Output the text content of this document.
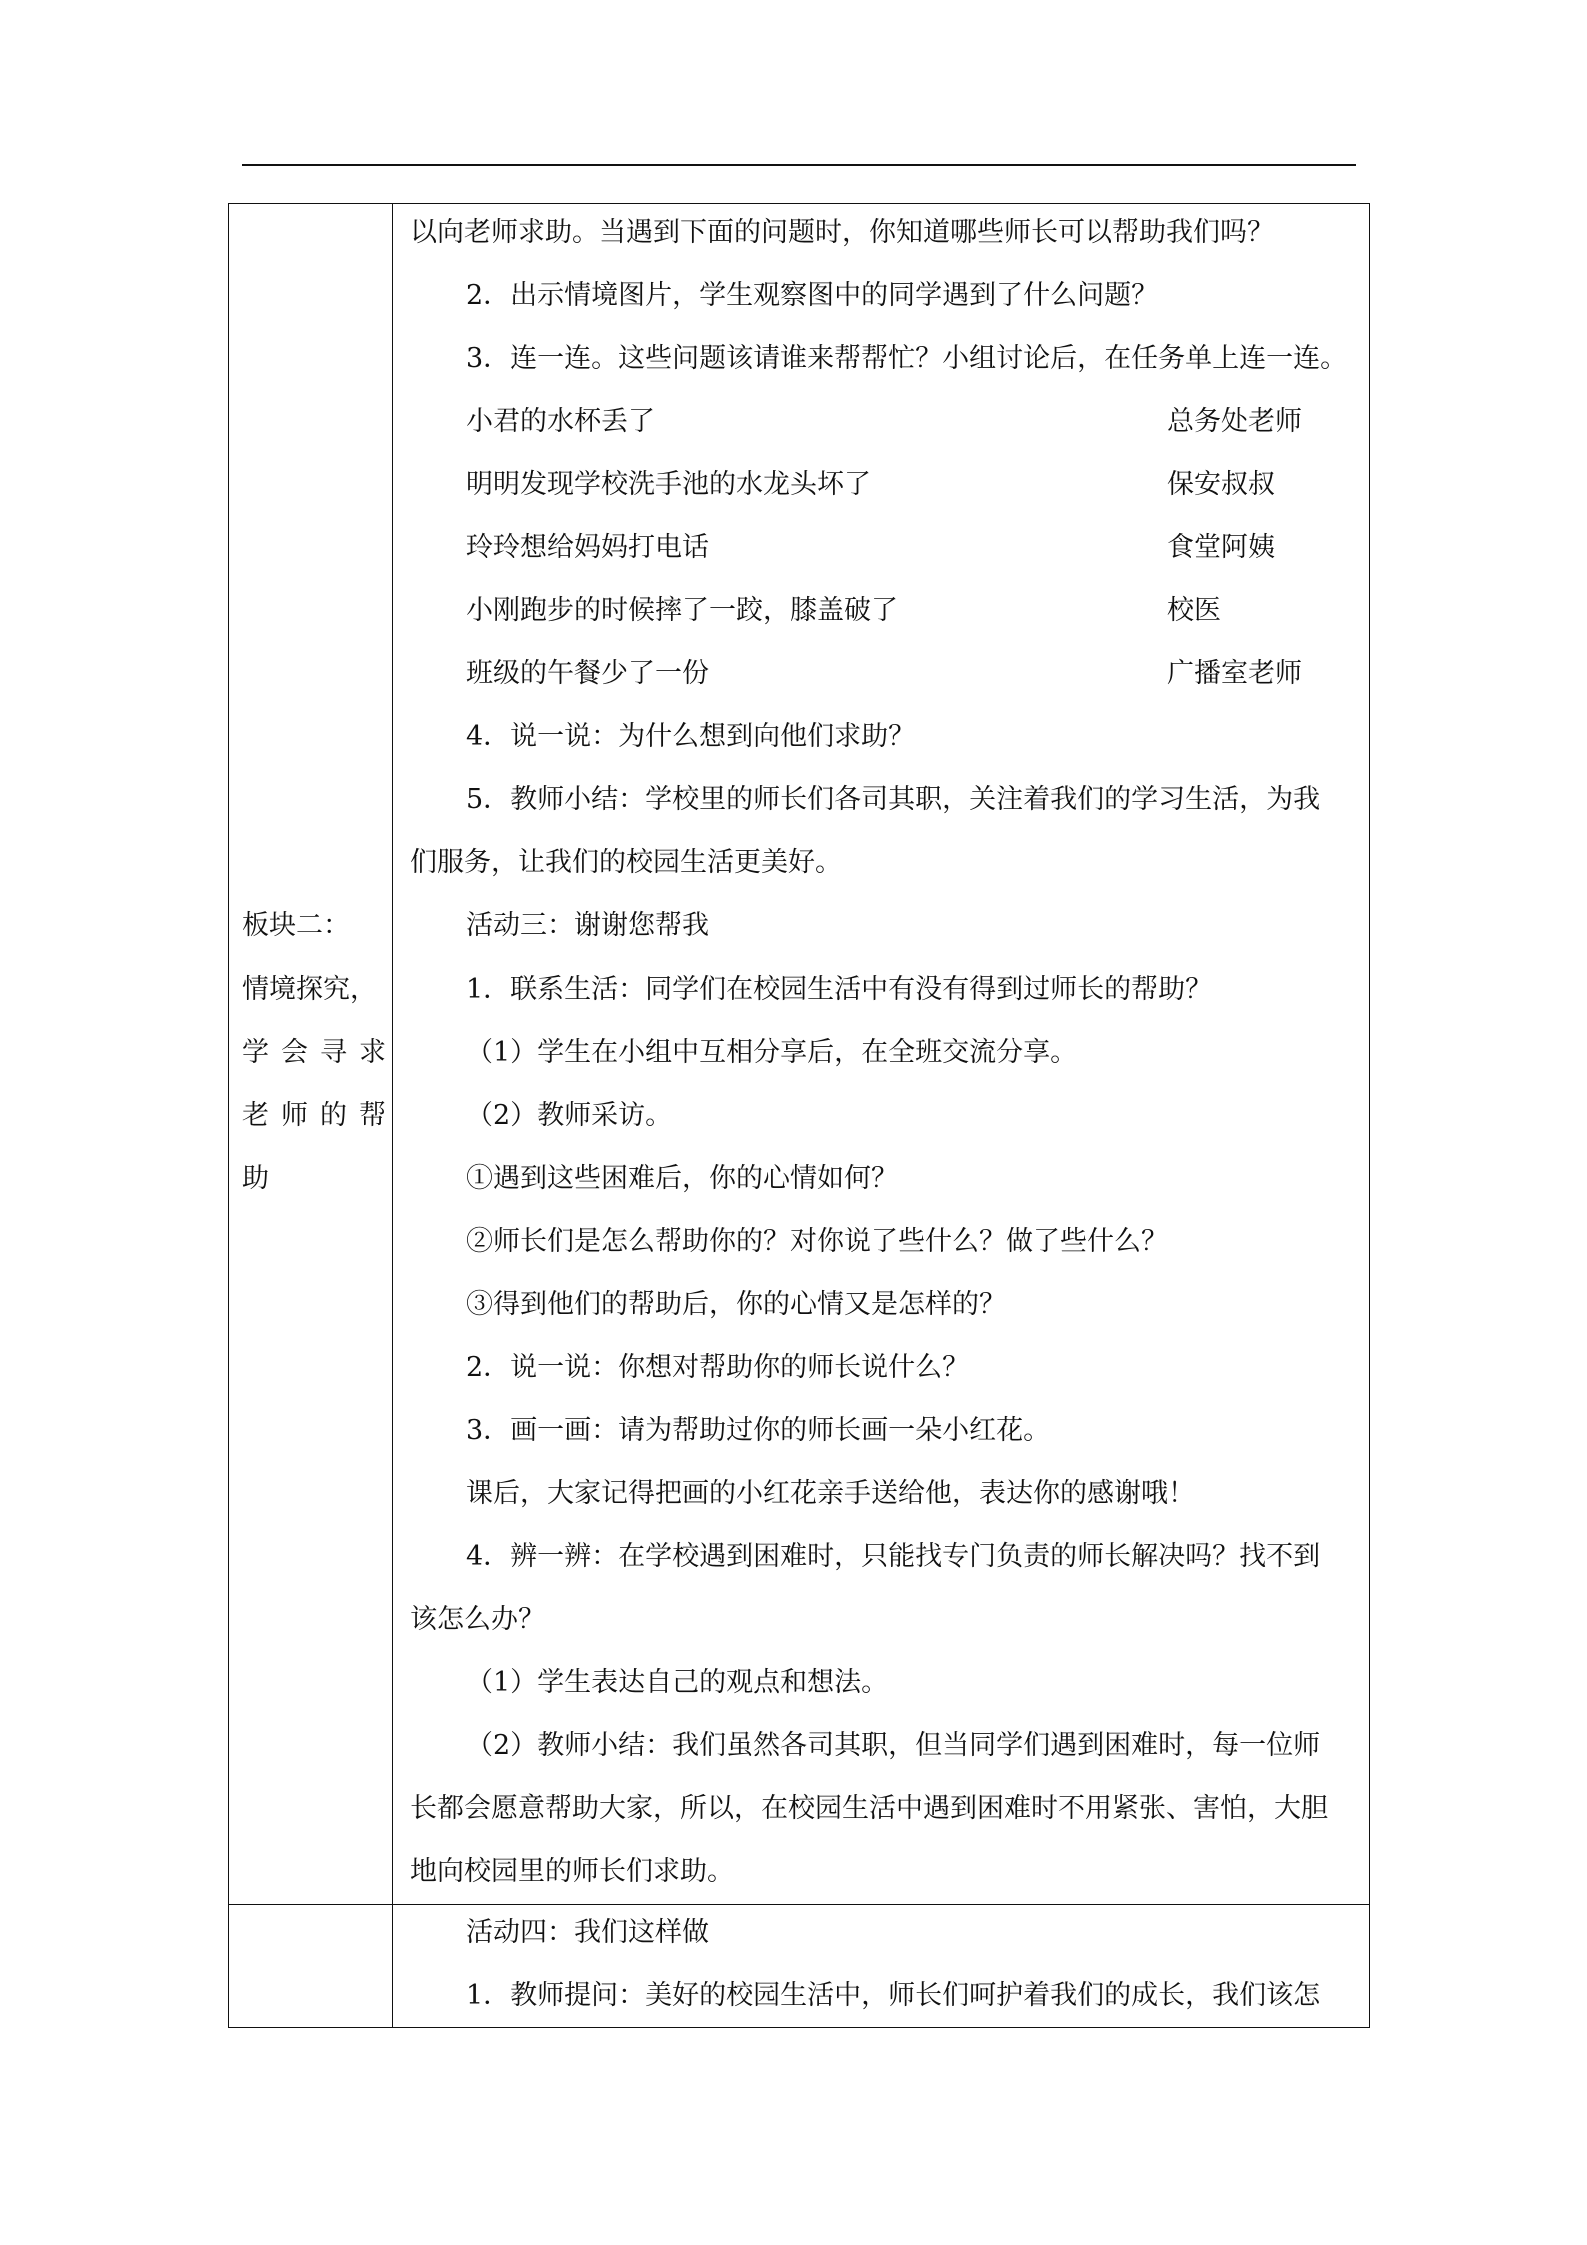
板块二：
情境探究，
学会寻求
老师的帮
助
以向老师求助。当遇到下面的问题时，你知道哪些师长可以帮助我们吗？
2．出示情境图片，学生观察图中的同学遇到了什么问题？
3．连一连。这些问题该请谁来帮帮忙？小组讨论后，在任务单上连一连。
小君的水杯丢了	总务处老师
明明发现学校洗手池的水龙头坏了	保安叔叔
玲玲想给妈妈打电话	食堂阿姨
小刚跑步的时候摔了一跤，膝盖破了	校医
班级的午餐少了一份	广播室老师
4．说一说：为什么想到向他们求助？
5．教师小结：学校里的师长们各司其职，关注着我们的学习生活，为我
们服务，让我们的校园生活更美好。
活动三：谢谢您帮我
1．联系生活：同学们在校园生活中有没有得到过师长的帮助？
（1）学生在小组中互相分享后，在全班交流分享。
（2）教师采访。
①遇到这些困难后，你的心情如何？
②师长们是怎么帮助你的？对你说了些什么？做了些什么？
③得到他们的帮助后，你的心情又是怎样的？
2．说一说：你想对帮助你的师长说什么？
3．画一画：请为帮助过你的师长画一朵小红花。
课后，大家记得把画的小红花亲手送给他，表达你的感谢哦！
4．辨一辨：在学校遇到困难时，只能找专门负责的师长解决吗？找不到
该怎么办？
（1）学生表达自己的观点和想法。
（2）教师小结：我们虽然各司其职，但当同学们遇到困难时，每一位师
长都会愿意帮助大家，所以，在校园生活中遇到困难时不用紧张、害怕，大胆
地向校园里的师长们求助。
活动四：我们这样做
1．教师提问：美好的校园生活中，师长们呵护着我们的成长，我们该怎
